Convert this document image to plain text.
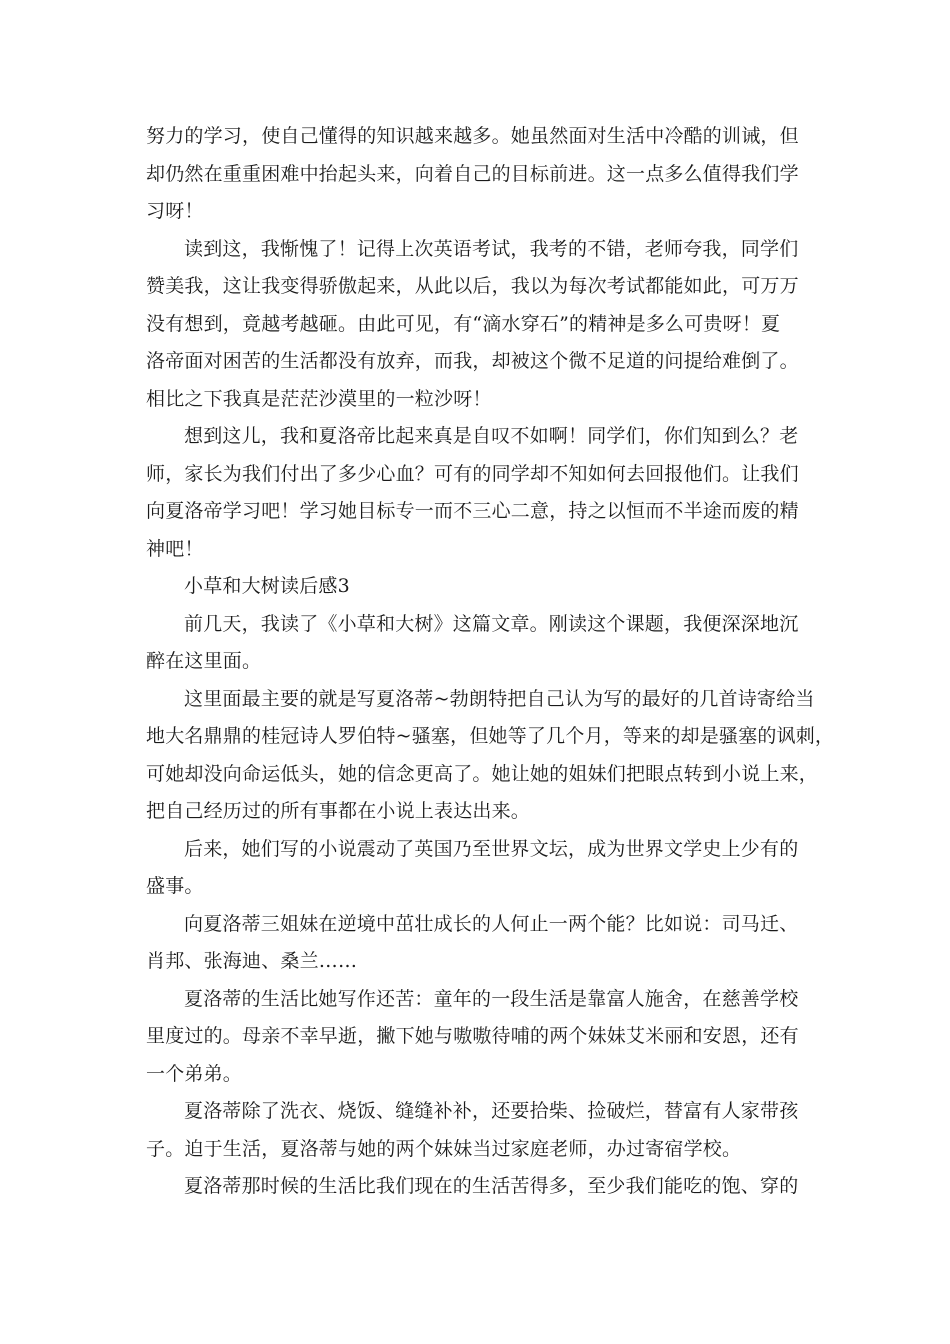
努力的学习，使自己懂得的知识越来越多。她虽然面对生活中冷酷的训诫，但
却仍然在重重困难中抬起头来，向着自己的目标前进。这一点多么值得我们学
习呀！
读到这，我惭愧了！记得上次英语考试，我考的不错，老师夸我，同学们
赞美我，这让我变得骄傲起来，从此以后，我以为每次考试都能如此，可万万
没有想到，竟越考越砸。由此可见，有“滴水穿石”的精神是多么可贵呀！夏
洛帝面对困苦的生活都没有放弃，而我，却被这个微不足道的问提给难倒了。
相比之下我真是茫茫沙漠里的一粒沙呀！
想到这儿，我和夏洛帝比起来真是自叹不如啊！同学们，你们知到么？老
师，家长为我们付出了多少心血？可有的同学却不知如何去回报他们。让我们
向夏洛帝学习吧！学习她目标专一而不三心二意，持之以恒而不半途而废的精
神吧！
小草和大树读后感3
前几天，我读了《小草和大树》这篇文章。刚读这个课题，我便深深地沉
醉在这里面。
这里面最主要的就是写夏洛蒂~勃朗特把自己认为写的最好的几首诗寄给当
地大名鼎鼎的桂冠诗人罗伯特~骚塞，但她等了几个月，等来的却是骚塞的讽刺，
可她却没向命运低头，她的信念更高了。她让她的姐妹们把眼点转到小说上来，
把自己经历过的所有事都在小说上表达出来。
后来，她们写的小说震动了英国乃至世界文坛，成为世界文学史上少有的
盛事。
向夏洛蒂三姐妹在逆境中茁壮成长的人何止一两个能？比如说：司马迁、
肖邦、张海迪、桑兰……
夏洛蒂的生活比她写作还苦：童年的一段生活是靠富人施舍，在慈善学校
里度过的。母亲不幸早逝，撇下她与嗷嗷待哺的两个妹妹艾米丽和安恩，还有
一个弟弟。
夏洛蒂除了洗衣、烧饭、缝缝补补，还要拾柴、捡破烂，替富有人家带孩
子。迫于生活，夏洛蒂与她的两个妹妹当过家庭老师，办过寄宿学校。
夏洛蒂那时候的生活比我们现在的生活苦得多，至少我们能吃的饱、穿的
